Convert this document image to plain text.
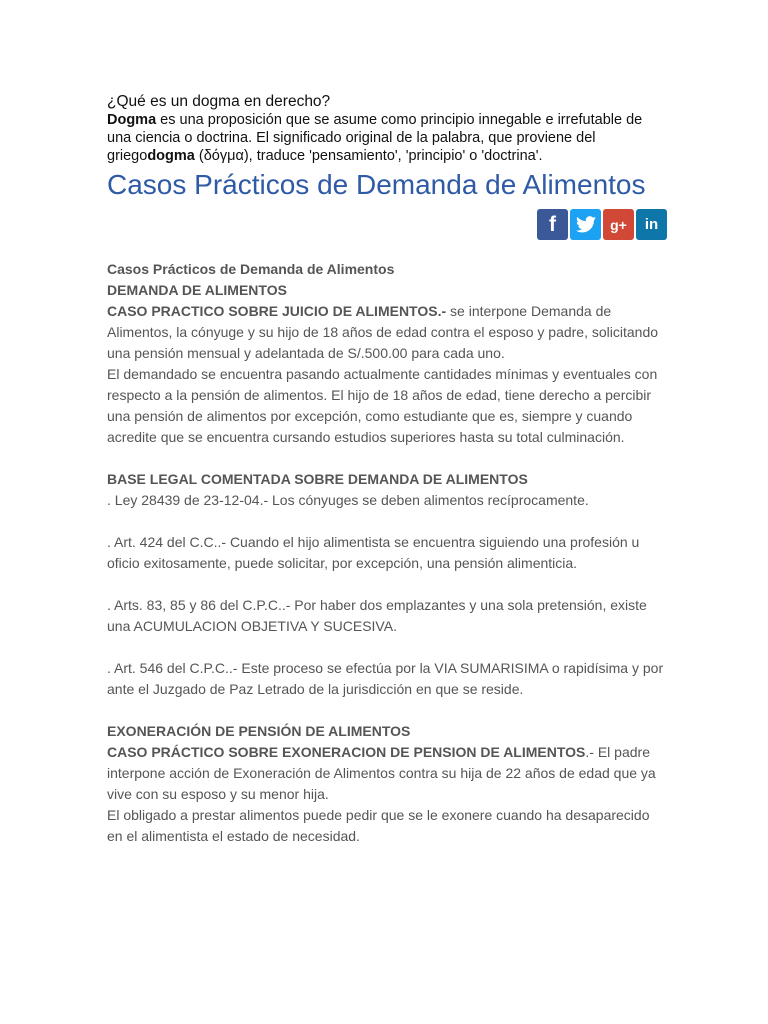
¿Qué es un dogma en derecho?
Dogma es una proposición que se asume como principio innegable e irrefutable de una ciencia o doctrina. El significado original de la palabra, que proviene del griegodogma (δόγμα), traduce 'pensamiento', 'principio' o 'doctrina'.
Casos Prácticos de Demanda de Alimentos
f	g+ in

Casos Prácticos de Demanda de Alimentos

DEMANDA DE ALIMENTOS

CASO PRACTICO SOBRE JUICIO DE ALIMENTOS.- se interpone Demanda de Alimentos, la cónyuge y su hijo de 18 años de edad contra el esposo y padre, solicitando una pensión mensual y adelantada de S/.500.00 para cada uno.

El demandado se encuentra pasando actualmente cantidades mínimas y eventuales con respecto a la pensión de alimentos. El hijo de 18 años de edad, tiene derecho a percibir una pensión de alimentos por excepción, como estudiante que es, siempre y cuando acredite que se encuentra cursando estudios superiores hasta su total culminación.

BASE LEGAL COMENTADA SOBRE DEMANDA DE ALIMENTOS

. Ley 28439 de 23-12-04.- Los cónyuges se deben alimentos recíprocamente.

. Art. 424 del C.C..- Cuando el hijo alimentista se encuentra siguiendo una profesión u oficio exitosamente, puede solicitar, por excepción, una pensión alimenticia.

. Arts. 83, 85 y 86 del C.P.C..- Por haber dos emplazantes y una sola pretensión, existe una ACUMULACION OBJETIVA Y SUCESIVA.

. Art. 546 del C.P.C..- Este proceso se efectúa por la VIA SUMARISIMA o rapidísima y por ante el Juzgado de Paz Letrado de la jurisdicción en que se reside.

EXONERACIÓN DE PENSIÓN DE ALIMENTOS

CASO PRÁCTICO SOBRE EXONERACION DE PENSION DE ALIMENTOS.- El padre interpone acción de Exoneración de Alimentos contra su hija de 22 años de edad que ya vive con su esposo y su menor hija.

El obligado a prestar alimentos puede pedir que se le exonere cuando ha desaparecido en el alimentista el estado de necesidad.
